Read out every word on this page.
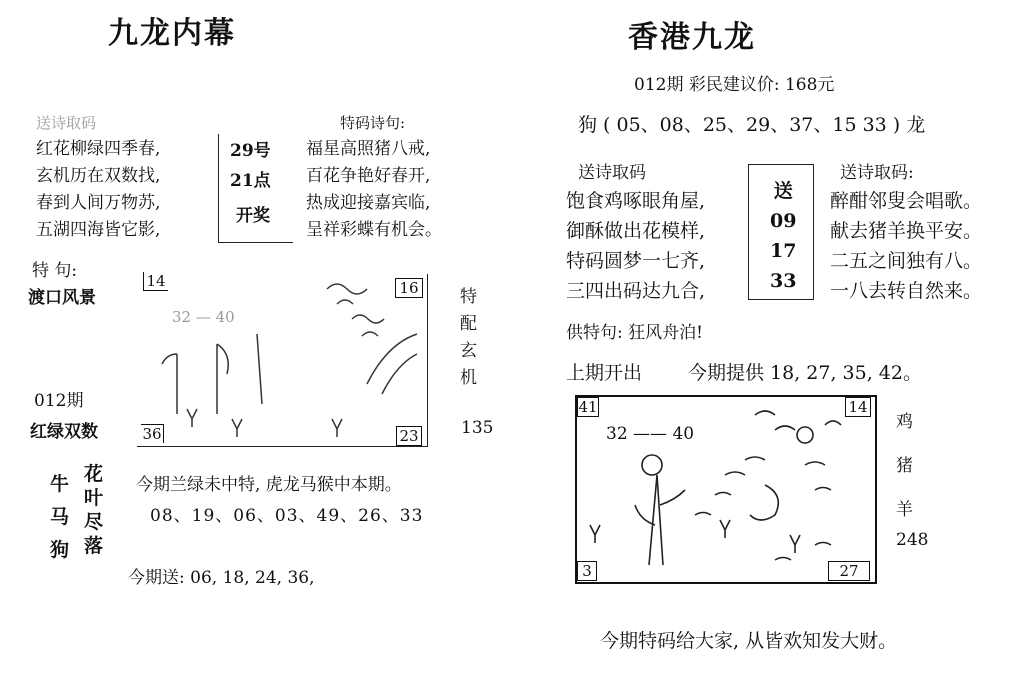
九龙内幕
送诗取码	特码诗句:
红花柳绿四季春,
玄机历在双数找,
春到人间万物苏,
五湖四海皆它影,
29号
21点
开奖
福星高照猪八戒,
百花争艳好春开,
热成迎接嘉宾临,
呈祥彩蝶有机会。
特 句:
渡口风景
012期
红绿双数
14	16
36	23
32 — 40
特
配
玄
机
135
牛
马
狗
花
叶
尽
落
今期兰绿未中特, 虎龙马猴中本期。
08、19、06、03、49、26、33
今期送: 06, 18, 24, 36,
香港九龙
012期 彩民建议价: 168元
狗 ( 05、08、25、29、37、15 33 ) 龙
送诗取码	送诗取码:
饱食鸡啄眼角屋,
御酥做出花模样,
特码圆梦一七齐,
三四出码达九合,
送
09
17
33
醉酣邻叟会唱歌。
献去猪羊换平安。
二五之间独有八。
一八去转自然来。
供特句: 狂风舟泊!
上期开出 今期提供 18, 27, 35, 42。
41	14
3	27
32 —— 40
鸡
猪
羊
248
今期特码给大家, 从皆欢知发大财。
